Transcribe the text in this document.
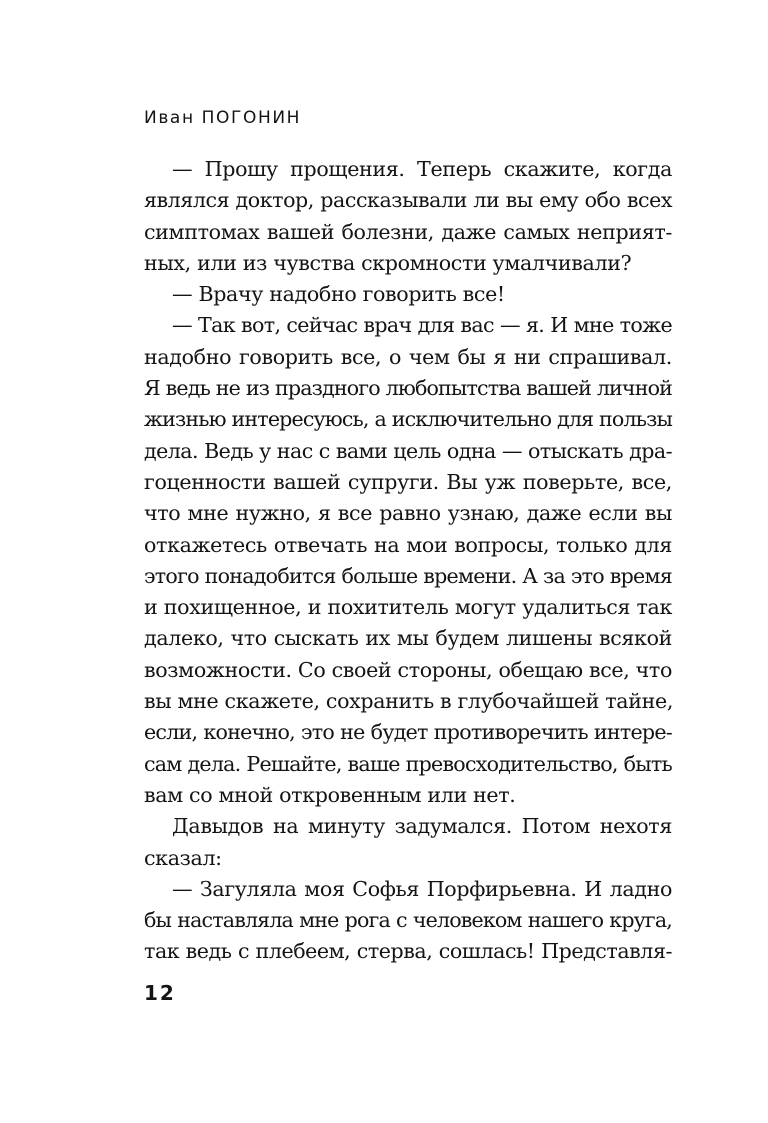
Иван ПОГОНИН
— Прошу прощения. Теперь скажите, когда
являлся доктор, рассказывали ли вы ему обо всех
симптомах вашей болезни, даже самых неприят-
ных, или из чувства скромности умалчивали?
— Врачу надобно говорить все!
— Так вот, сейчас врач для вас — я. И мне тоже
надобно говорить все, о чем бы я ни спрашивал.
Я ведь не из праздного любопытства вашей личной
жизнью интересуюсь, а исключительно для пользы
дела. Ведь у нас с вами цель одна — отыскать дра-
гоценности вашей супруги. Вы уж поверьте, все,
что мне нужно, я все равно узнаю, даже если вы
откажетесь отвечать на мои вопросы, только для
этого понадобится больше времени. А за это время
и похищенное, и похититель могут удалиться так
далеко, что сыскать их мы будем лишены всякой
возможности. Со своей стороны, обещаю все, что
вы мне скажете, сохранить в глубочайшей тайне,
если, конечно, это не будет противоречить интере-
сам дела. Решайте, ваше превосходительство, быть
вам со мной откровенным или нет.
Давыдов на минуту задумался. Потом нехотя
сказал:
— Загуляла моя Софья Порфирьевна. И ладно
бы наставляла мне рога с человеком нашего круга,
так ведь с плебеем, стерва, сошлась! Представля-
12
